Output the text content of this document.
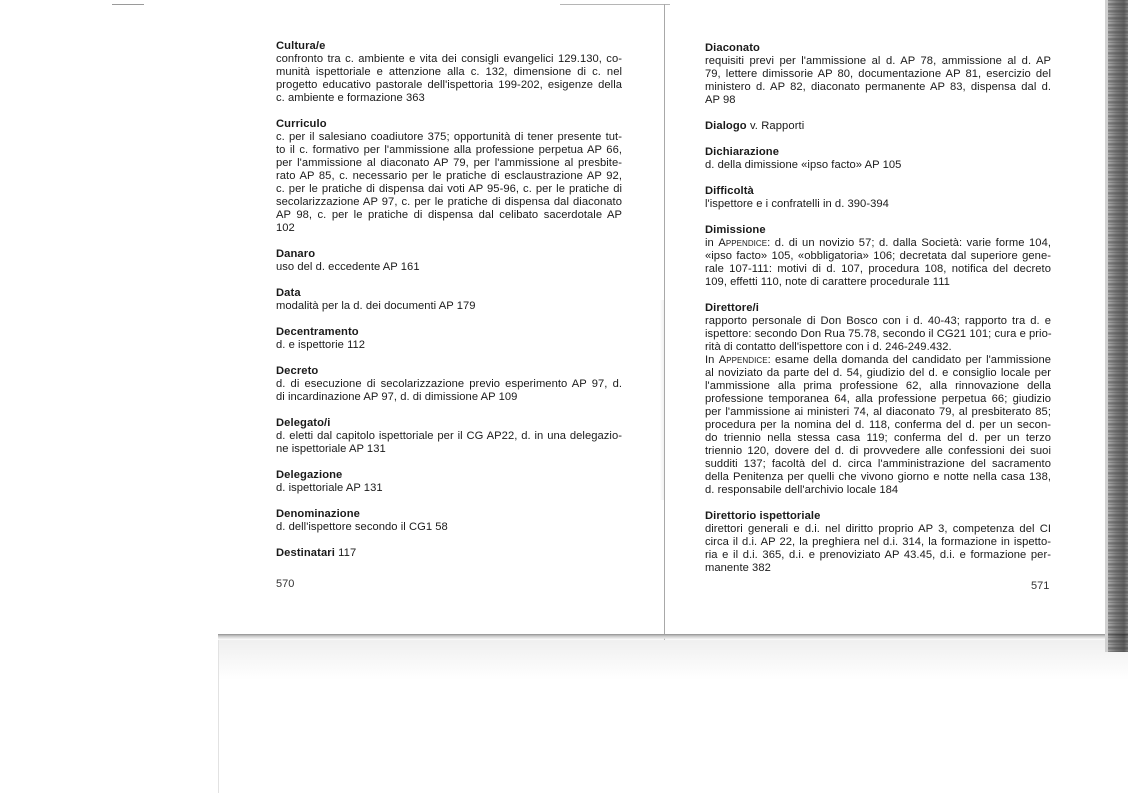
Cultura/e
confronto tra c. ambiente e vita dei consigli evangelici 129.130, co-
munità ispettoriale e attenzione alla c. 132, dimensione di c. nel
progetto educativo pastorale dell'ispettoria 199-202, esigenze della
c. ambiente e formazione 363
Curriculo
c. per il salesiano coadiutore 375; opportunità di tener presente tut-
to il c. formativo per l'ammissione alla professione perpetua AP 66,
per l'ammissione al diaconato AP 79, per l'ammissione al presbite-
rato AP 85, c. necessario per le pratiche di esclaustrazione AP 92,
c. per le pratiche di dispensa dai voti AP 95-96, c. per le pratiche di
secolarizzazione AP 97, c. per le pratiche di dispensa dal diaconato
AP 98, c. per le pratiche di dispensa dal celibato sacerdotale AP
102
Danaro
uso del d. eccedente AP 161
Data
modalità per la d. dei documenti AP 179
Decentramento
d. e ispettorie 112
Decreto
d. di esecuzione di secolarizzazione previo esperimento AP 97, d.
di incardinazione AP 97, d. di dimissione AP 109
Delegato/i
d. eletti dal capitolo ispettoriale per il CG AP22, d. in una delegazio-
ne ispettoriale AP 131
Delegazione
d. ispettoriale AP 131
Denominazione
d. dell'ispettore secondo il CG1 58
Destinatari 117
570
Diaconato
requisiti previ per l'ammissione al d. AP 78, ammissione al d. AP
79, lettere dimissorie AP 80, documentazione AP 81, esercizio del
ministero d. AP 82, diaconato permanente AP 83, dispensa dal d.
AP 98
Dialogo v. Rapporti
Dichiarazione
d. della dimissione «ipso facto» AP 105
Difficoltà
l'ispettore e i confratelli in d. 390-394
Dimissione
in Appendice: d. di un novizio 57; d. dalla Società: varie forme 104,
«ipso facto» 105, «obbligatoria» 106; decretata dal superiore gene-
rale 107-111: motivi di d. 107, procedura 108, notifica del decreto
109, effetti 110, note di carattere procedurale 111
Direttore/i
rapporto personale di Don Bosco con i d. 40-43; rapporto tra d. e
ispettore: secondo Don Rua 75.78, secondo il CG21 101; cura e prio-
rità di contatto dell'ispettore con i d. 246-249.432.
In Appendice: esame della domanda del candidato per l'ammissione
al noviziato da parte del d. 54, giudizio del d. e consiglio locale per
l'ammissione alla prima professione 62, alla rinnovazione della
professione temporanea 64, alla professione perpetua 66; giudizio
per l'ammissione ai ministeri 74, al diaconato 79, al presbiterato 85;
procedura per la nomina del d. 118, conferma del d. per un secon-
do triennio nella stessa casa 119; conferma del d. per un terzo
triennio 120, dovere del d. di provvedere alle confessioni dei suoi
sudditi 137; facoltà del d. circa l'amministrazione del sacramento
della Penitenza per quelli che vivono giorno e notte nella casa 138,
d. responsabile dell'archivio locale 184
Direttorio ispettoriale
direttori generali e d.i. nel diritto proprio AP 3, competenza del CI
circa il d.i. AP 22, la preghiera nel d.i. 314, la formazione in ispetto-
ria e il d.i. 365, d.i. e prenoviziato AP 43.45, d.i. e formazione per-
manente 382
571
